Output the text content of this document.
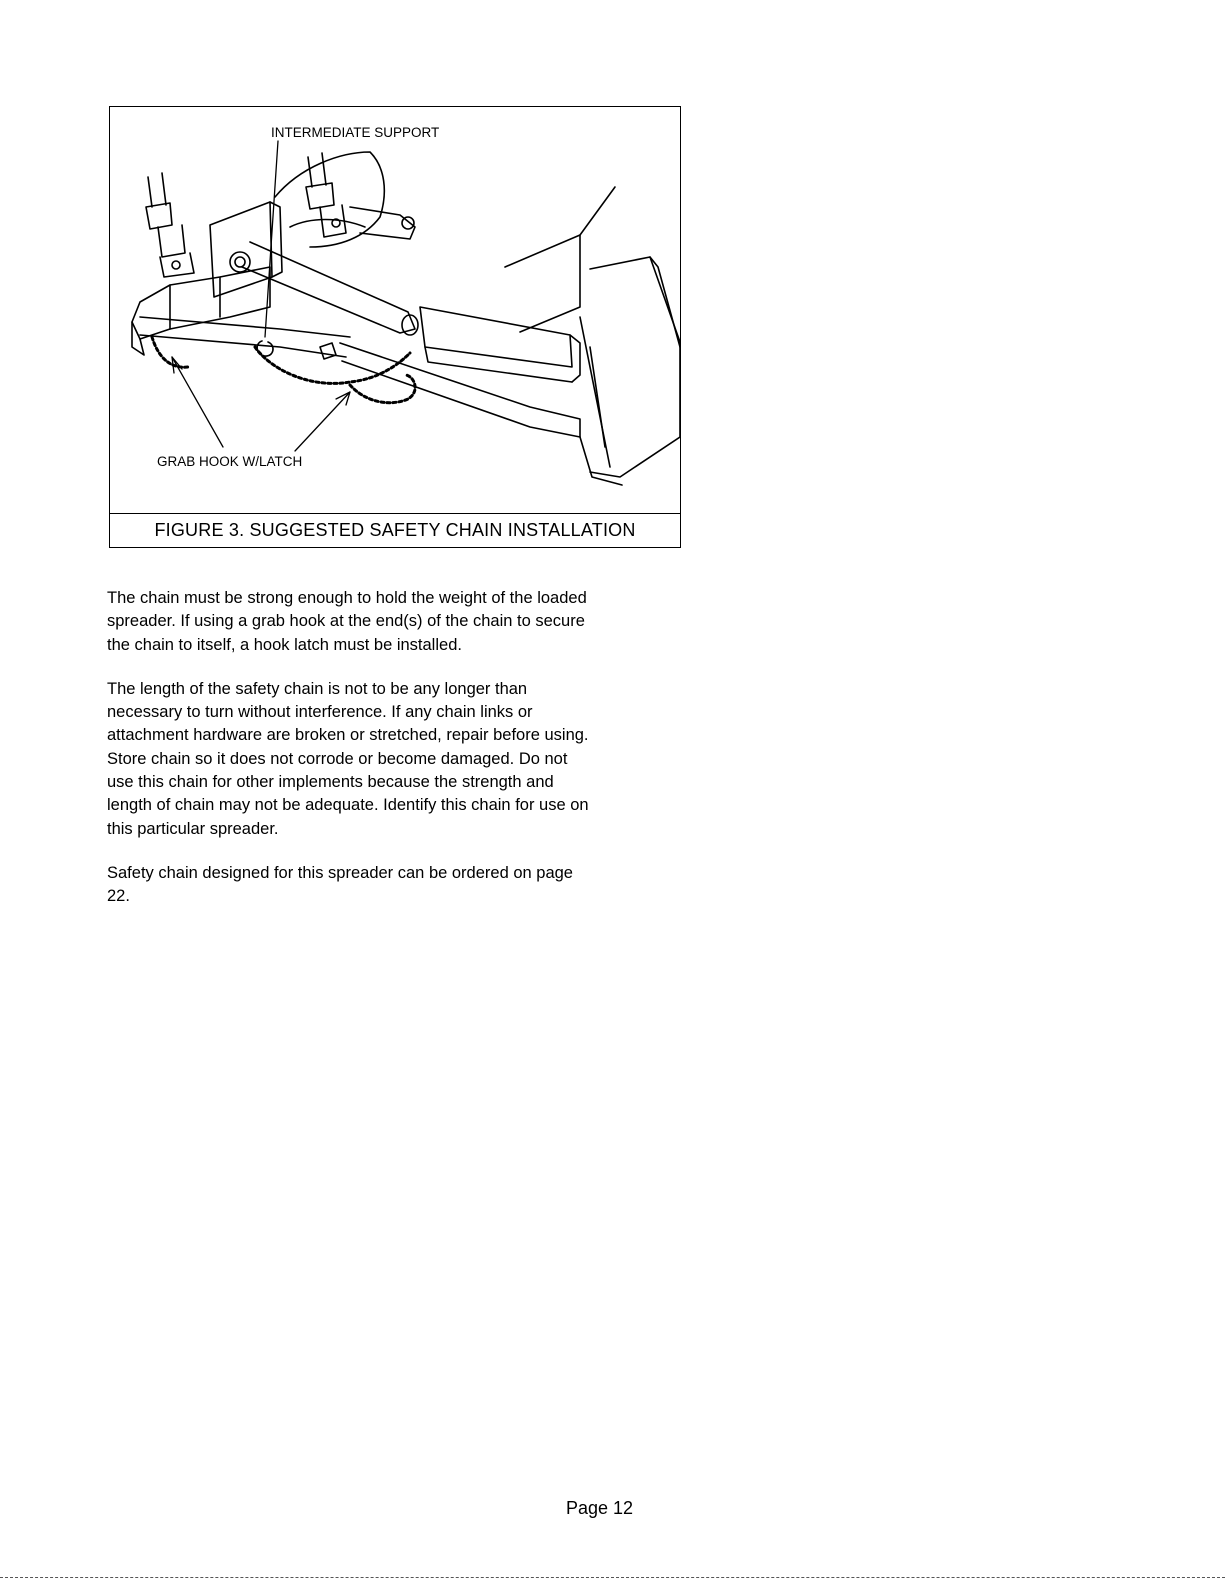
INTERMEDIATE SUPPORT
GRAB HOOK W/LATCH
FIGURE 3. SUGGESTED SAFETY CHAIN INSTALLATION

The chain must be strong enough to hold the weight of the loaded spreader. If using a grab hook at the end(s) of the chain to secure the chain to itself, a hook latch must be installed.

The length of the safety chain is not to be any longer than necessary to turn without interference. If any chain links or attachment hardware are broken or stretched, repair before using. Store chain so it does not corrode or become damaged. Do not use this chain for other implements because the strength and length of chain may not be adequate. Identify this chain for use on this particular spreader.

Safety chain designed for this spreader can be ordered on page 22.

Page 12
